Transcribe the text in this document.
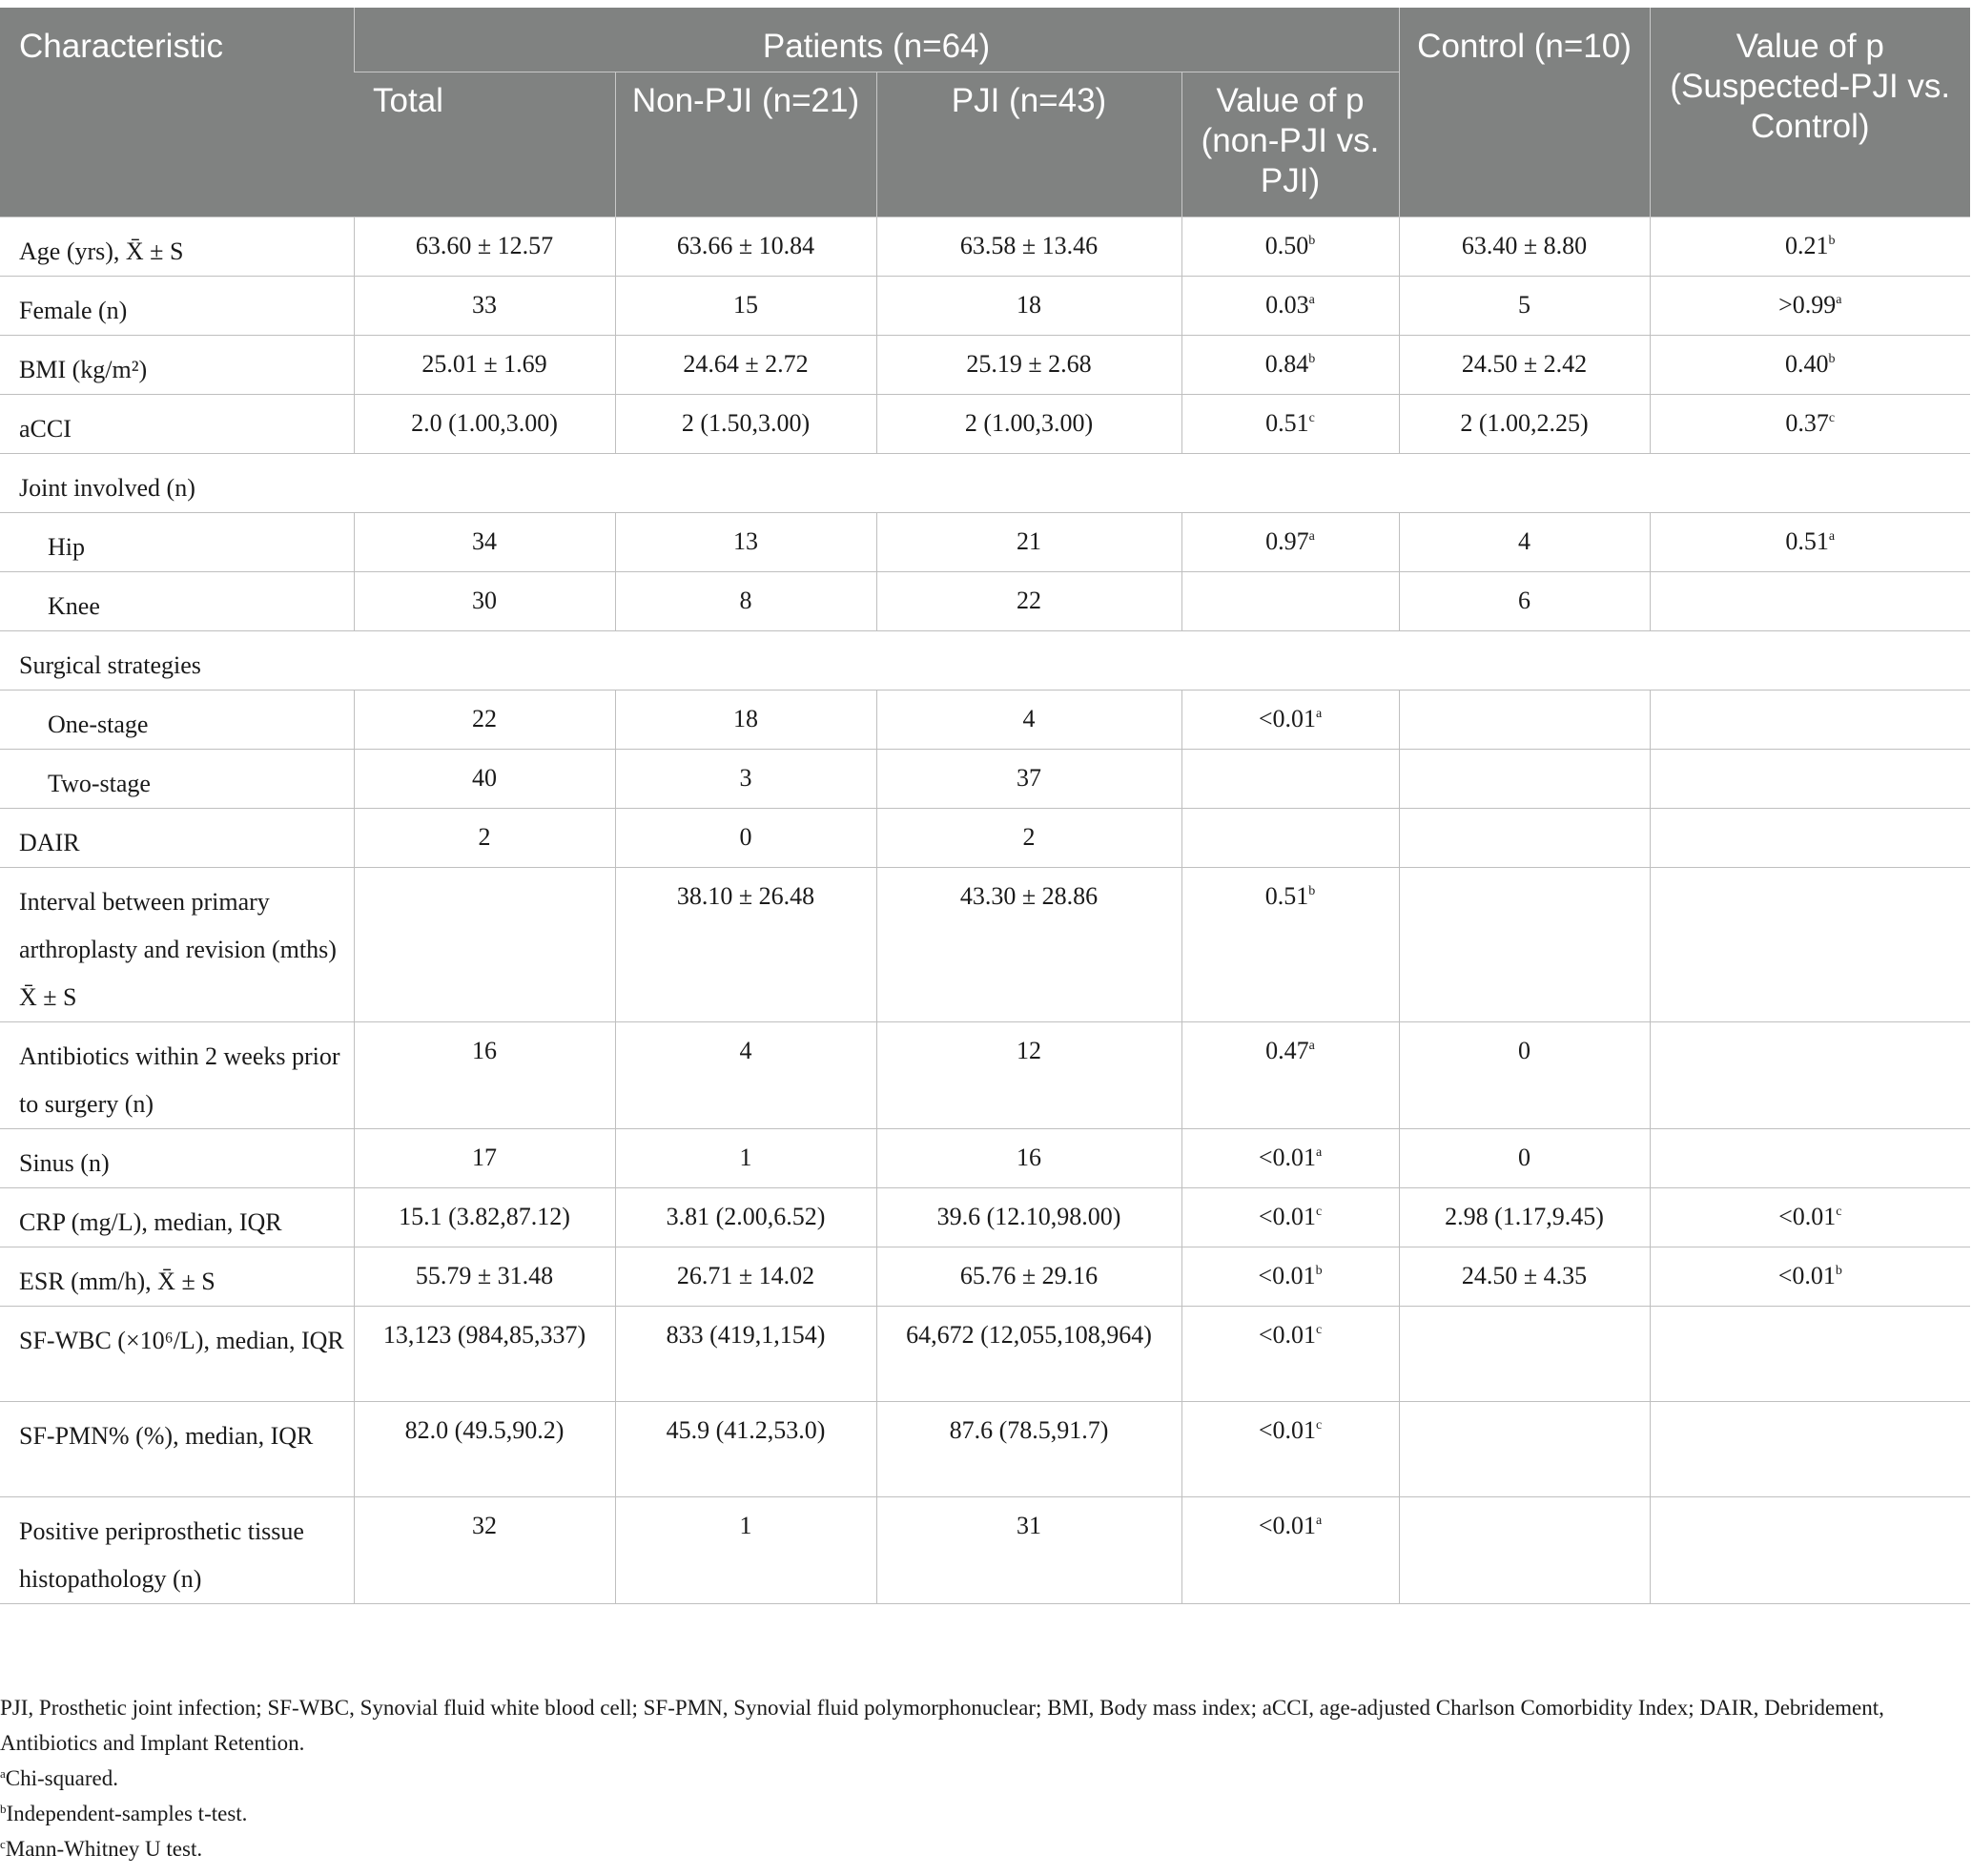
Characteristic	Patients (n=64)				Control (n=10)	Value of p (Suspected-PJI vs. Control)
	Total	Non-PJI (n=21)	PJI (n=43)	Value of p (non-PJI vs. PJI)		
Age (yrs), X̄ ± S	63.60 ± 12.57	63.66 ± 10.84	63.58 ± 13.46	0.50$^b$	63.40 ± 8.80	0.21$^b$
Female (n)	33	15	18	0.03$^a$	5	>0.99$^a$
BMI (kg/m²)	25.01 ± 1.69	24.64 ± 2.72	25.19 ± 2.68	0.84$^b$	24.50 ± 2.42	0.40$^b$
aCCI	2.0 (1.00,3.00)	2 (1.50,3.00)	2 (1.00,3.00)	0.51$^c$	2 (1.00,2.25)	0.37$^c$
Joint involved (n)						
Hip	34	13	21	0.97$^a$	4	0.51$^a$
Knee	30	8	22		6	
Surgical strategies						
One-stage	22	18	4	<0.01$^a$		
Two-stage	40	3	37			
DAIR	2	0	2			
Interval between primary arthroplasty and revision (mths) X̄ ± S		38.10 ± 26.48	43.30 ± 28.86	0.51$^b$		
Antibiotics within 2 weeks prior to surgery (n)	16	4	12	0.47$^a$	0	
Sinus (n)	17	1	16	<0.01$^a$	0	
CRP (mg/L), median, IQR	15.1 (3.82,87.12)	3.81 (2.00,6.52)	39.6 (12.10,98.00)	<0.01$^c$	2.98 (1.17,9.45)	<0.01$^c$
ESR (mm/h), X̄ ± S	55.79 ± 31.48	26.71 ± 14.02	65.76 ± 29.16	<0.01$^b$	24.50 ± 4.35	<0.01$^b$
SF-WBC (×10⁶/L), median, IQR	13,123 (984,85,337)	833 (419,1,154)	64,672 (12,055,108,964)	<0.01$^c$		
SF-PMN% (%), median, IQR	82.0 (49.5,90.2)	45.9 (41.2,53.0)	87.6 (78.5,91.7)	<0.01$^c$		
Positive periprosthetic tissue histopathology (n)	32	1	31	<0.01$^a$		

PJI, Prosthetic joint infection; SF-WBC, Synovial fluid white blood cell; SF-PMN, Synovial fluid polymorphonuclear; BMI, Body mass index; aCCI, age-adjusted Charlson Comorbidity Index; DAIR, Debridement, Antibiotics and Implant Retention.

$^a$Chi-squared.

$^b$Independent-samples t-test.

$^c$Mann-Whitney U test.
